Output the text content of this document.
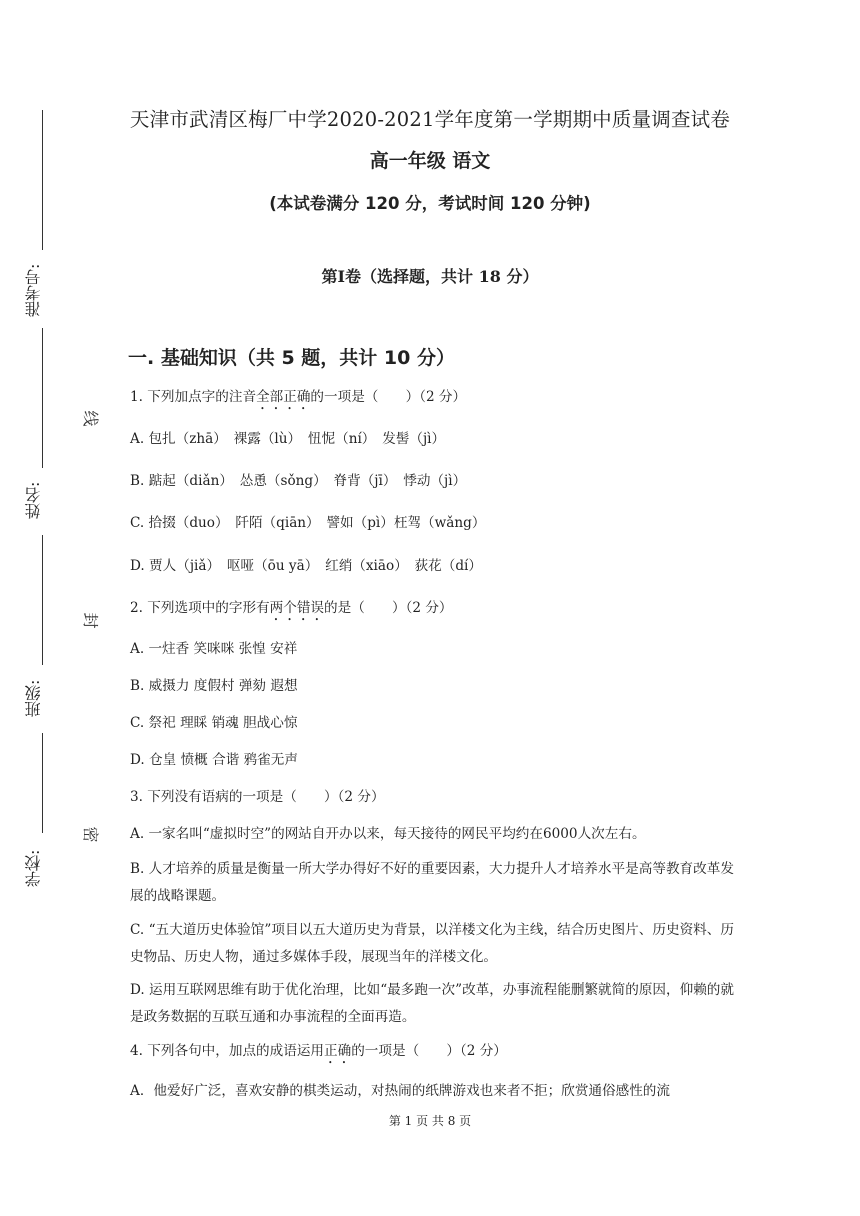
准考号:
姓名:
班级:
学校:
线
封
密
天津市武清区梅厂中学2020-2021学年度第一学期期中质量调查试卷
高一年级 语文
(本试卷满分 120 分，考试时间 120 分钟)
第Ⅰ卷（选择题，共计 18 分）
一. 基础知识（共 5 题，共计 10 分）
1. 下列加点字的注音全部正确的一项是（　　）（2 分）
A. 包扎（zhā）　裸露（lù）　忸怩（ní）　发髻（jì）
B. 踮起（diǎn）　怂恿（sǒng）　脊背（jī）　悸动（jì）
C. 拾掇（duo）　阡陌（qiān）　譬如（pì）枉驾（wǎng）
D. 贾人（jiǎ）　呕哑（ōu yā）　红绡（xiāo）　荻花（dí）
2. 下列选项中的字形有两个错误的是（　　）（2 分）
A. 一炷香 笑咪咪 张惶 安祥
B. 威摄力 度假村 弹劾 遐想
C. 祭祀 理睬 销魂 胆战心惊
D. 仓皇 愤概 合谐 鸦雀无声
3. 下列没有语病的一项是（　　）（2 分）
A. 一家名叫“虚拟时空”的网站自开办以来，每天接待的网民平均约在6000人次左右。
B. 人才培养的质量是衡量一所大学办得好不好的重要因素，大力提升人才培养水平是高等教育改革发展的战略课题。
C. “五大道历史体验馆”项目以五大道历史为背景，以洋楼文化为主线，结合历史图片、历史资料、历史物品、历史人物，通过多媒体手段，展现当年的洋楼文化。
D. 运用互联网思维有助于优化治理，比如“最多跑一次”改革，办事流程能删繁就简的原因，仰赖的就是政务数据的互联互通和办事流程的全面再造。
4. 下列各句中，加点的成语运用正确的一项是（　　）（2 分）
A．他爱好广泛，喜欢安静的棋类运动，对热闹的纸牌游戏也来者不拒；欣赏通俗感性的流
第 1 页 共 8 页
